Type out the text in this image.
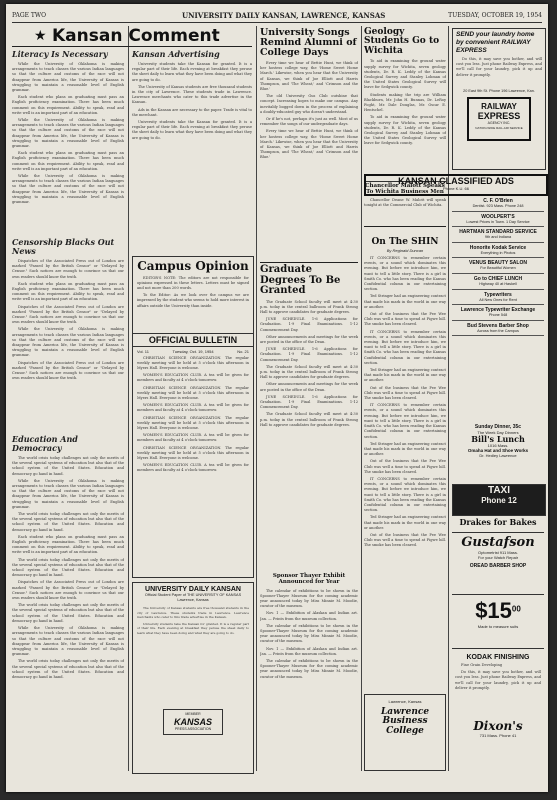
PAGE TWO	UNIVERSITY DAILY KANSAN, LAWRENCE, KANSAS	TUESDAY, OCTOBER 19, 1954
★ Kansan Comment
Literacy Is Necessary

While the University of Oklahoma is making arrangements to teach classes the various Indian languages so that the culture and customs of the race will not disappear from America life, the University of Kansas is struggling to maintain a reasonable level of English grammar.

Each student who plans on graduating must pass an English proficiency examination. There has been much comment on this requirement. Ability to speak, read and write well is an important part of an education.

While the University of Oklahoma is making arrangements to teach classes the various Indian languages so that the culture and customs of the race will not disappear from America life, the University of Kansas is struggling to maintain a reasonable level of English grammar.

Each student who plans on graduating must pass an English proficiency examination. There has been much comment on this requirement. Ability to speak, read and write well is an important part of an education.

While the University of Oklahoma is making arrangements to teach classes the various Indian languages so that the culture and customs of the race will not disappear from America life, the University of Kansas is struggling to maintain a reasonable level of English grammar.

Censorship Blacks Out News

Dispatches of the Associated Press out of London are marked "Passed by the British Censor" or "Delayed by Censor." Such notices are enough to convince us that our own readers should know the truth.

Each student who plans on graduating must pass an English proficiency examination. There has been much comment on this requirement. Ability to speak, read and write well is an important part of an education.

Dispatches of the Associated Press out of London are marked "Passed by the British Censor" or "Delayed by Censor." Such notices are enough to convince us that our own readers should know the truth.

While the University of Oklahoma is making arrangements to teach classes the various Indian languages so that the culture and customs of the race will not disappear from America life, the University of Kansas is struggling to maintain a reasonable level of English grammar.

Dispatches of the Associated Press out of London are marked "Passed by the British Censor" or "Delayed by Censor." Such notices are enough to convince us that our own readers should know the truth.

Education And Democracy

The world crisis today challenges not only the merits of the several special systems of education but also that of the school system of the United States. Education and democracy go hand in hand.

While the University of Oklahoma is making arrangements to teach classes the various Indian languages so that the culture and customs of the race will not disappear from America life, the University of Kansas is struggling to maintain a reasonable level of English grammar.

The world crisis today challenges not only the merits of the several special systems of education but also that of the school system of the United States. Education and democracy go hand in hand.

Each student who plans on graduating must pass an English proficiency examination. There has been much comment on this requirement. Ability to speak, read and write well is an important part of an education.

The world crisis today challenges not only the merits of the several special systems of education but also that of the school system of the United States. Education and democracy go hand in hand.

Dispatches of the Associated Press out of London are marked "Passed by the British Censor" or "Delayed by Censor." Such notices are enough to convince us that our own readers should know the truth.

The world crisis today challenges not only the merits of the several special systems of education but also that of the school system of the United States. Education and democracy go hand in hand.

While the University of Oklahoma is making arrangements to teach classes the various Indian languages so that the culture and customs of the race will not disappear from America life, the University of Kansas is struggling to maintain a reasonable level of English grammar.

The world crisis today challenges not only the merits of the several special systems of education but also that of the school system of the United States. Education and democracy go hand in hand.

Kansan Advertising

University students take the Kansan for granted. It is a regular part of their life. Each evening at breakfast they peruse the sheet daily to learn what they have been doing and what they are going to do.

The University of Kansas students are free thousand students in the city of Lawrence. These students trade in Lawrence. Lawrence merchants who cater to this trade advertise in the Kansan.

Ads in the Kansan are necessary to the paper. Trade is vital to the merchant.

University students take the Kansan for granted. It is a regular part of their life. Each evening at breakfast they peruse the sheet daily to learn what they have been doing and what they are going to do.

Campus Opinion

EDITOR'S NOTE: The editors are not responsible for opinions expressed in these letters. Letters must be signed and not more than 200 words.

To the Editor: As we look over the campus we are impressed by the student who seems to hold more interest in affairs outside the University than inside.

OFFICIAL BULLETIN
Vol. 11	Tuesday, Oct. 19, 1954	No. 21

CHRISTIAN SCIENCE ORGANIZATION. The regular weekly meeting will be held at 5 o'clock this afternoon in Myers Hall. Everyone is welcome.

WOMEN'S EDUCATION CLUB. A tea will be given for members and faculty at 4 o'clock tomorrow.

CHRISTIAN SCIENCE ORGANIZATION. The regular weekly meeting will be held at 5 o'clock this afternoon in Myers Hall. Everyone is welcome.

WOMEN'S EDUCATION CLUB. A tea will be given for members and faculty at 4 o'clock tomorrow.

CHRISTIAN SCIENCE ORGANIZATION. The regular weekly meeting will be held at 5 o'clock this afternoon in Myers Hall. Everyone is welcome.

WOMEN'S EDUCATION CLUB. A tea will be given for members and faculty at 4 o'clock tomorrow.

CHRISTIAN SCIENCE ORGANIZATION. The regular weekly meeting will be held at 5 o'clock this afternoon in Myers Hall. Everyone is welcome.

WOMEN'S EDUCATION CLUB. A tea will be given for members and faculty at 4 o'clock tomorrow.

UNIVERSITY DAILY KANSAN
Official Student Paper of THE UNIVERSITY OF KANSAS
Lawrence, Kansas

The University of Kansas students are free thousand students in the city of Lawrence. These students trade in Lawrence. Lawrence merchants who cater to this trade advertise in the Kansan.

University students take the Kansan for granted. It is a regular part of their life. Each evening at breakfast they peruse the sheet daily to learn what they have been doing and what they are going to do.

MEMBER
KANSAS
PRESS ASSOCIATION
University Songs Remind Alumni of College Days

Every time we hear of Bettie Hunt, we think of her hostess college way, the 'Home Sweet Home March.' Likewise, when you hear that the University of Kansas, we think of Joe Elliott and Harris Thompson, and 'The Wheat,' and 'Crimson and the Blue.'

The old University Gus Club outshine that concept. Increasing hopes to make our campus. Any inevitably bogged down in the process of explaining a doubly-educated guy who doesn't understand.

Or if he's not, perhaps it's just as well. Most of us remember the songs of our undergraduate days.

Every time we hear of Bettie Hunt, we think of her hostess college way, the 'Home Sweet Home March.' Likewise, when you hear that the University of Kansas, we think of Joe Elliott and Harris Thompson, and 'The Wheat,' and 'Crimson and the Blue.'

Graduate Degrees To Be Granted

The Graduate School faculty will meet at 4:30 p.m. today in the central ballroom of Frank Strong Hall to approve candidates for graduate degrees.

JUNE SCHEDULE. 1-6 Applications for Graduation. 1-9 Final Examinations. 1-12 Commencement Day.

Other announcements and meetings for the week are posted in the office of the Dean.

JUNE SCHEDULE. 1-6 Applications for Graduation. 1-9 Final Examinations. 1-12 Commencement Day.

The Graduate School faculty will meet at 4:30 p.m. today in the central ballroom of Frank Strong Hall to approve candidates for graduate degrees.

Other announcements and meetings for the week are posted in the office of the Dean.

JUNE SCHEDULE. 1-6 Applications for Graduation. 1-9 Final Examinations. 1-12 Commencement Day.

The Graduate School faculty will meet at 4:30 p.m. today in the central ballroom of Frank Strong Hall to approve candidates for graduate degrees.

Sponsor Thayer Exhibit Announced for Year

The calendar of exhibitions to be shown in the Spooner-Thayer Museum for the coming academic year announced today by Miss Minnie M. Moodie, curator of the museum.

Nov. 1 — Exhibition of Alaskan and Indian art. Jan. — Prints from the museum collection.

The calendar of exhibitions to be shown in the Spooner-Thayer Museum for the coming academic year announced today by Miss Minnie M. Moodie, curator of the museum.

Nov. 1 — Exhibition of Alaskan and Indian art. Jan. — Prints from the museum collection.

The calendar of exhibitions to be shown in the Spooner-Thayer Museum for the coming academic year announced today by Miss Minnie M. Moodie, curator of the museum.

Geology Students Go to Wichita

To aid in examining the ground water supply survey for Wichita, seven geology students, Dr. R. K. Leddy of the Kansas Geological Survey and Stanley Lohman of the United States Geological Survey will leave for Sedgwick county.

Students making the trip are William Blackburn, Mr. John H. Bunnas, Dr. LeRoy Foght, Mr. Dale Douglas, Mr. Oscar E. Hentschel.

To aid in examining the ground water supply survey for Wichita, seven geology students, Dr. R. K. Leddy of the Kansas Geological Survey and Stanley Lohman of the United States Geological Survey will leave for Sedgwick county.

Chancellor Malott Speaks To Wichita Business Men

Chancellor Deane W. Malott will speak tonight at the Commercial Club of Wichita.

On The SHIN
By Reginald Duncan

IT CONCERNS to remember certain events, or a sound which dominates this evening. But before we introduce him, we want to tell a little story. There is a girl in Smith Co. who has been reading the Kansas Confidential column in our entertaining section.

Ted Stringer had an engineering contract that made his mark in the world in one way or another.

Out of the business that the Pee Wee Club was well a time to spend at Pigwe hill. The smoke has been cleared.

IT CONCERNS to remember certain events, or a sound which dominates this evening. But before we introduce him, we want to tell a little story. There is a girl in Smith Co. who has been reading the Kansas Confidential column in our entertaining section.

Ted Stringer had an engineering contract that made his mark in the world in one way or another.

Out of the business that the Pee Wee Club was well a time to spend at Pigwe hill. The smoke has been cleared.

IT CONCERNS to remember certain events, or a sound which dominates this evening. But before we introduce him, we want to tell a little story. There is a girl in Smith Co. who has been reading the Kansas Confidential column in our entertaining section.

Ted Stringer had an engineering contract that made his mark in the world in one way or another.

Out of the business that the Pee Wee Club was well a time to spend at Pigwe hill. The smoke has been cleared.

IT CONCERNS to remember certain events, or a sound which dominates this evening. But before we introduce him, we want to tell a little story. There is a girl in Smith Co. who has been reading the Kansas Confidential column in our entertaining section.

Ted Stringer had an engineering contract that made his mark in the world in one way or another.

Out of the business that the Pee Wee Club was well a time to spend at Pigwe hill. The smoke has been cleared.

Lawrence, Kansas
Lawrence Business College
SEND your laundry home by convenient RAILWAY EXPRESS

Do this, it may save you bother, and will cost you less. Just phone Railway Express, and we'll call for your laundry, pick it up and deliver it promptly.

20 East 9th St. Phone 196 Lawrence, Kan.
RAILWAY
EXPRESS
AGENCY INC.
NATION-WIDE RAIL-AIR SERVICE
KANSAN CLASSIFIED ADS
Phone K.U. 66
C. F. O'Brien
Dentist. 923 Mass. Phone 248
WOOLPERT'S
Lowest Prices in Town. 1 Day Service
HARTMAN STANDARD SERVICE
9th and Indiana
Honorite Kodak Service
Everything in Photos
VENUS BEAUTY SALON
For Beautiful Women
Go to CHIEF LUNCH
Highway 40 at Haskell
Typewriters
All New Ones for Rent
Lawrence Typewriter Exchange
Phone 548
Bud Stevens Barber Shop
Across from the Campus
TAXI
Phone 12
Drakes for Bakes
Gustafson
Optometrist 911 Mass.
For your Watch Repair
OREAD BARBER SHOP
$\$15^{00}$
Made to measure suits
KODAK FINISHING

Fine Grain Developing

Do this, it may save you bother, and will cost you less. Just phone Railway Express, and we'll call for your laundry, pick it up and deliver it promptly.

Dixon's
731 Mass. Phone 41
Sunday Dinner, 35c
The Week Day Dinners
Bill's Lunch
1016 Mass.
Omaha Hat and Shoe Works
Dr. Hedley Lawrence
